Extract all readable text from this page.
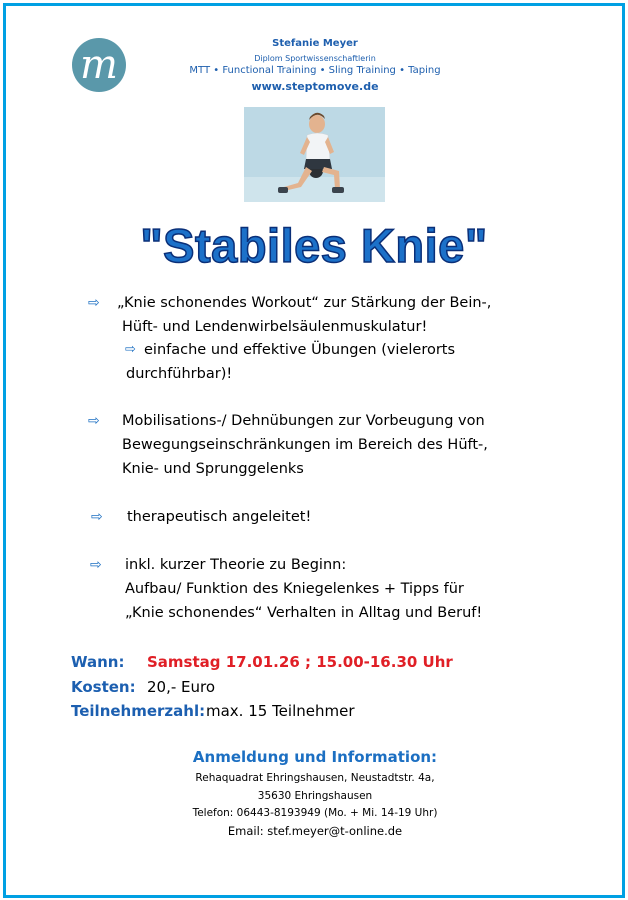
m	Stefanie Meyer
Diplom Sportwissenschaftlerin
MTT • Functional Training • Sling Training • Taping
www.steptomove.de
"Stabiles Knie"
⇨ „Knie schonendes Workout“ zur Stärkung der Bein-,
Hüft- und Lendenwirbelsäulenmuskulatur!
⇨ einfache und effektive Übungen (vielerorts
durchführbar)!
⇨ Mobilisations-/ Dehnübungen zur Vorbeugung von
Bewegungseinschränkungen im Bereich des Hüft-,
Knie- und Sprunggelenks
⇨ therapeutisch angeleitet!
⇨ inkl. kurzer Theorie zu Beginn:
Aufbau/ Funktion des Kniegelenkes + Tipps für
„Knie schonendes“ Verhalten in Alltag und Beruf!
Wann: Samstag 17.01.26 ; 15.00-16.30 Uhr
Kosten: 20,- Euro
Teilnehmerzahl: max. 15 Teilnehmer
Anmeldung und Information:
Rehaquadrat Ehringshausen, Neustadtstr. 4a,
35630 Ehringshausen
Telefon: 06443-8193949 (Mo. + Mi. 14-19 Uhr)
Email: stef.meyer@t-online.de
